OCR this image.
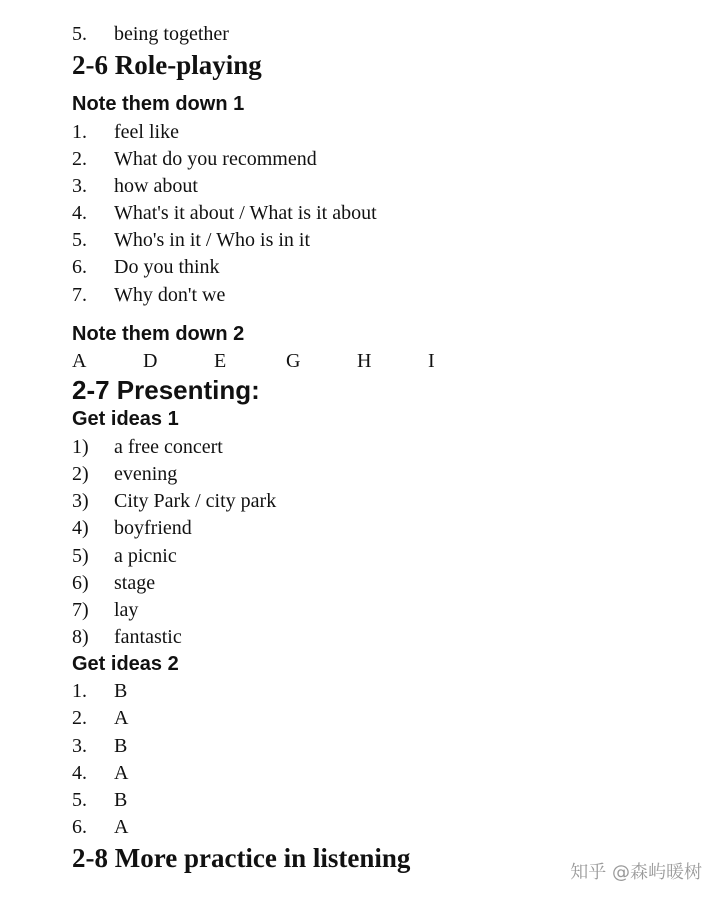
5. being together
2-6 Role-playing
Note them down 1
1. feel like
2. What do you recommend
3. how about
4. What's it about / What is it about
5. Who's in it / Who is in it
6. Do you think
7. Why don't we
Note them down 2
A	D	E	G	H	I
2-7 Presenting:
Get ideas 1
1) a free concert
2) evening
3) City Park / city park
4) boyfriend
5) a picnic
6) stage
7) lay
8) fantastic
Get ideas 2
1. B
2. A
3. B
4. A
5. B
6. A
2-8 More practice in listening	知乎 @森屿暖树
